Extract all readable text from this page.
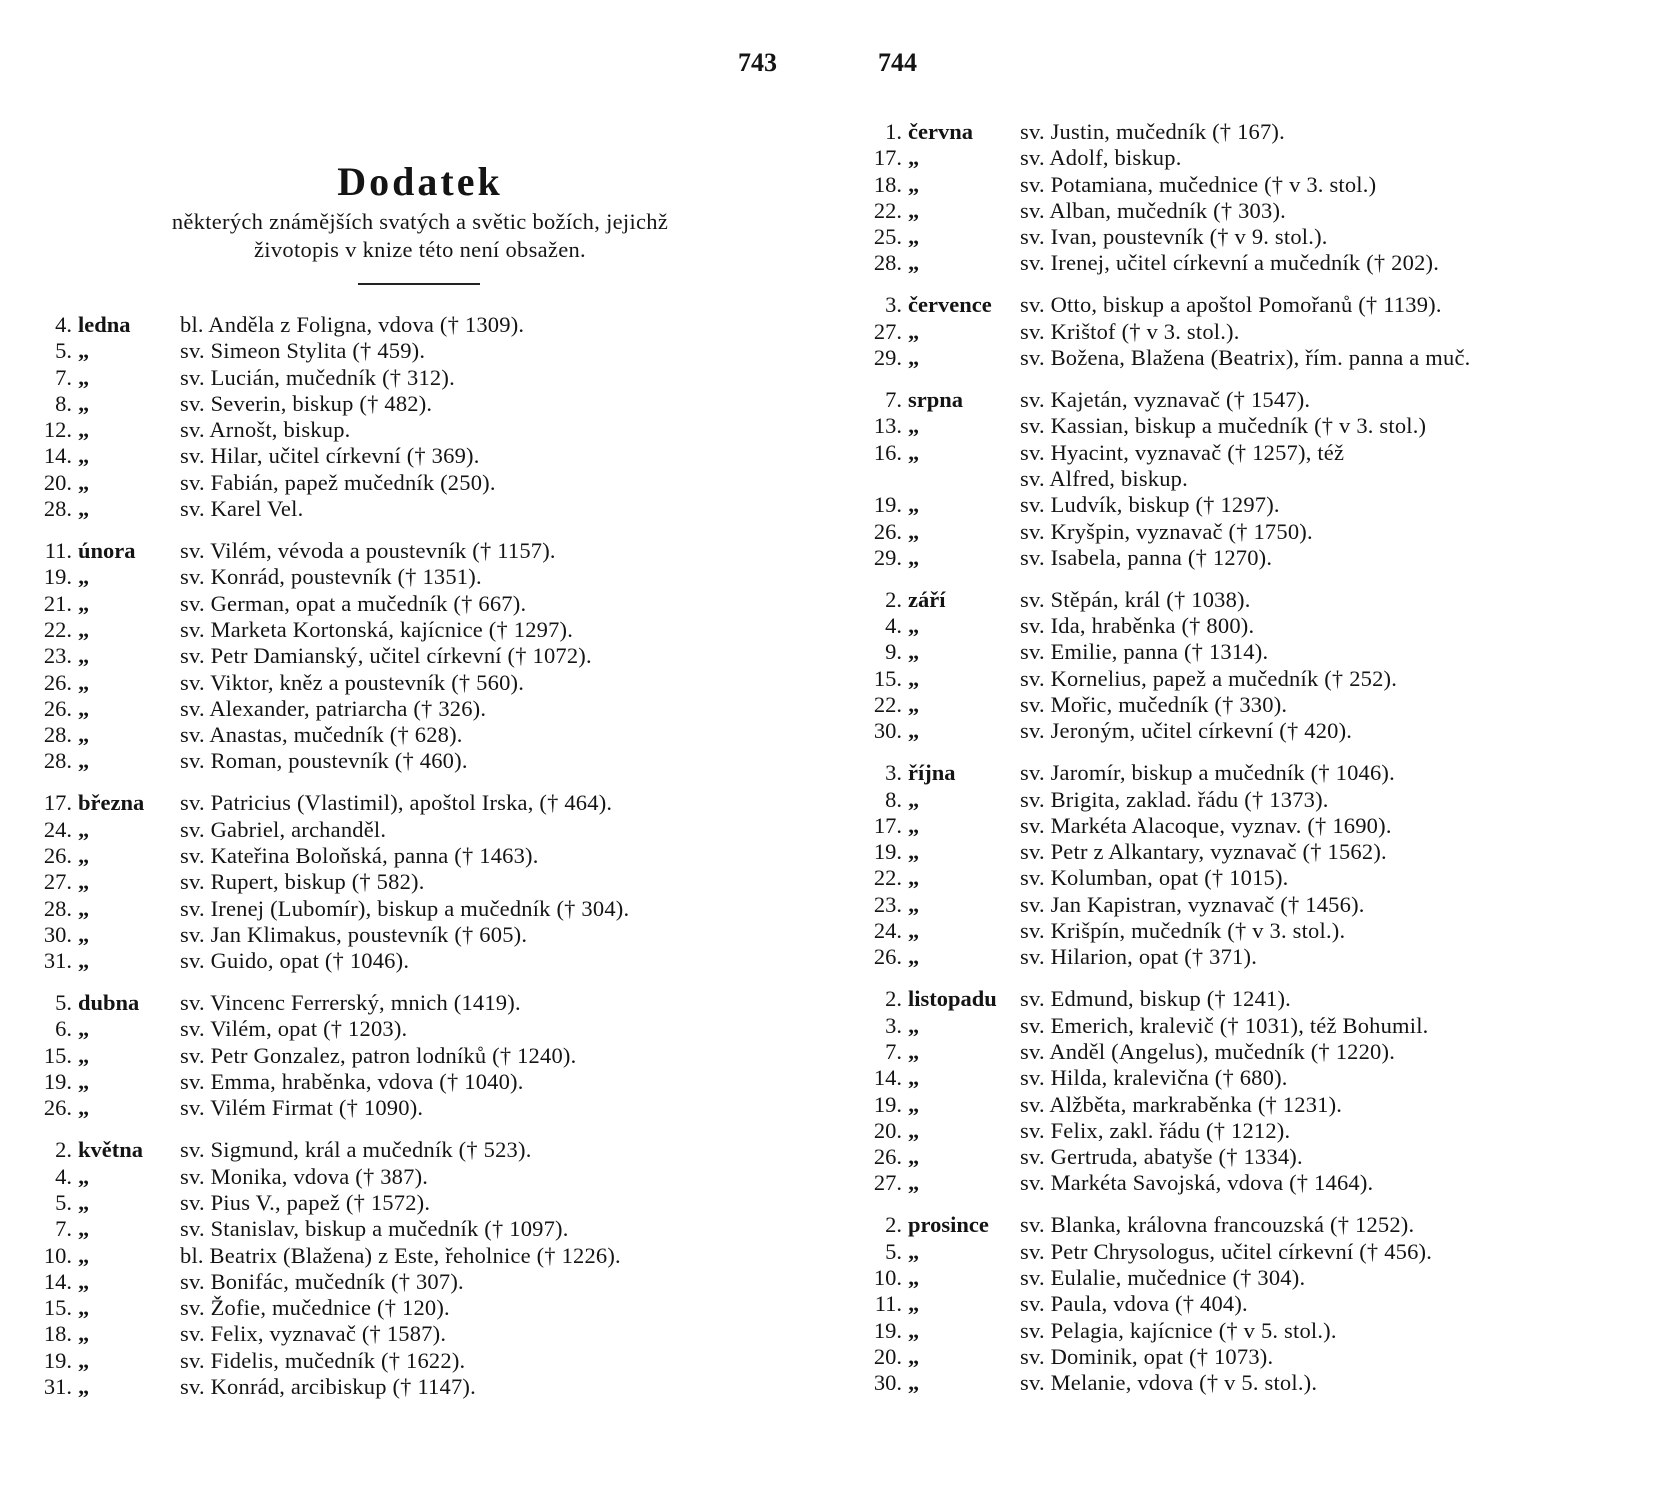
743	744
Dodatek
některých známějších svatých a světic božích, jejichž
životopis v knize této není obsažen.
4. ledna	bl. Anděla z Foligna, vdova († 1309).
5. „	sv. Simeon Stylita († 459).
7. „	sv. Lucián, mučedník († 312).
8. „	sv. Severin, biskup († 482).
12. „	sv. Arnošt, biskup.
14. „	sv. Hilar, učitel církevní († 369).
20. „	sv. Fabián, papež mučedník (250).
28. „	sv. Karel Vel.
11. února	sv. Vilém, vévoda a poustevník († 1157).
19. „	sv. Konrád, poustevník († 1351).
21. „	sv. German, opat a mučedník († 667).
22. „	sv. Marketa Kortonská, kajícnice († 1297).
23. „	sv. Petr Damianský, učitel církevní († 1072).
26. „	sv. Viktor, kněz a poustevník († 560).
26. „	sv. Alexander, patriarcha († 326).
28. „	sv. Anastas, mučedník († 628).
28. „	sv. Roman, poustevník († 460).
17. března	sv. Patricius (Vlastimil), apoštol Irska, († 464).
24. „	sv. Gabriel, archanděl.
26. „	sv. Kateřina Boloňská, panna († 1463).
27. „	sv. Rupert, biskup († 582).
28. „	sv. Irenej (Lubomír), biskup a mučedník († 304).
30. „	sv. Jan Klimakus, poustevník († 605).
31. „	sv. Guido, opat († 1046).
5. dubna	sv. Vincenc Ferrerský, mnich (1419).
6. „	sv. Vilém, opat († 1203).
15. „	sv. Petr Gonzalez, patron lodníků († 1240).
19. „	sv. Emma, hraběnka, vdova († 1040).
26. „	sv. Vilém Firmat († 1090).
2. května	sv. Sigmund, král a mučedník († 523).
4. „	sv. Monika, vdova († 387).
5. „	sv. Pius V., papež († 1572).
7. „	sv. Stanislav, biskup a mučedník († 1097).
10. „	bl. Beatrix (Blažena) z Este, řeholnice († 1226).
14. „	sv. Bonifác, mučedník († 307).
15. „	sv. Žofie, mučednice († 120).
18. „	sv. Felix, vyznavač († 1587).
19. „	sv. Fidelis, mučedník († 1622).
31. „	sv. Konrád, arcibiskup († 1147).
1. června	sv. Justin, mučedník († 167).
17. „	sv. Adolf, biskup.
18. „	sv. Potamiana, mučednice († v 3. stol.)
22. „	sv. Alban, mučedník († 303).
25. „	sv. Ivan, poustevník († v 9. stol.).
28. „	sv. Irenej, učitel církevní a mučedník († 202).
3. července	sv. Otto, biskup a apoštol Pomořanů († 1139).
27. „	sv. Krištof († v 3. stol.).
29. „	sv. Božena, Blažena (Beatrix), řím. panna a muč.
7. srpna	sv. Kajetán, vyznavač († 1547).
13. „	sv. Kassian, biskup a mučedník († v 3. stol.)
16. „	sv. Hyacint, vyznavač († 1257), též
sv. Alfred, biskup.
19. „	sv. Ludvík, biskup († 1297).
26. „	sv. Kryšpin, vyznavač († 1750).
29. „	sv. Isabela, panna († 1270).
2. září	sv. Stěpán, král († 1038).
4. „	sv. Ida, hraběnka († 800).
9. „	sv. Emilie, panna († 1314).
15. „	sv. Kornelius, papež a mučedník († 252).
22. „	sv. Mořic, mučedník († 330).
30. „	sv. Jeroným, učitel církevní († 420).
3. října	sv. Jaromír, biskup a mučedník († 1046).
8. „	sv. Brigita, zaklad. řádu († 1373).
17. „	sv. Markéta Alacoque, vyznav. († 1690).
19. „	sv. Petr z Alkantary, vyznavač († 1562).
22. „	sv. Kolumban, opat († 1015).
23. „	sv. Jan Kapistran, vyznavač († 1456).
24. „	sv. Krišpín, mučedník († v 3. stol.).
26. „	sv. Hilarion, opat († 371).
2. listopadu	sv. Edmund, biskup († 1241).
3. „	sv. Emerich, kralevič († 1031), též Bohumil.
7. „	sv. Anděl (Angelus), mučedník († 1220).
14. „	sv. Hilda, kralevična († 680).
19. „	sv. Alžběta, markraběnka († 1231).
20. „	sv. Felix, zakl. řádu († 1212).
26. „	sv. Gertruda, abatyše († 1334).
27. „	sv. Markéta Savojská, vdova († 1464).
2. prosince	sv. Blanka, královna francouzská († 1252).
5. „	sv. Petr Chrysologus, učitel církevní († 456).
10. „	sv. Eulalie, mučednice († 304).
11. „	sv. Paula, vdova († 404).
19. „	sv. Pelagia, kajícnice († v 5. stol.).
20. „	sv. Dominik, opat († 1073).
30. „	sv. Melanie, vdova († v 5. stol.).
